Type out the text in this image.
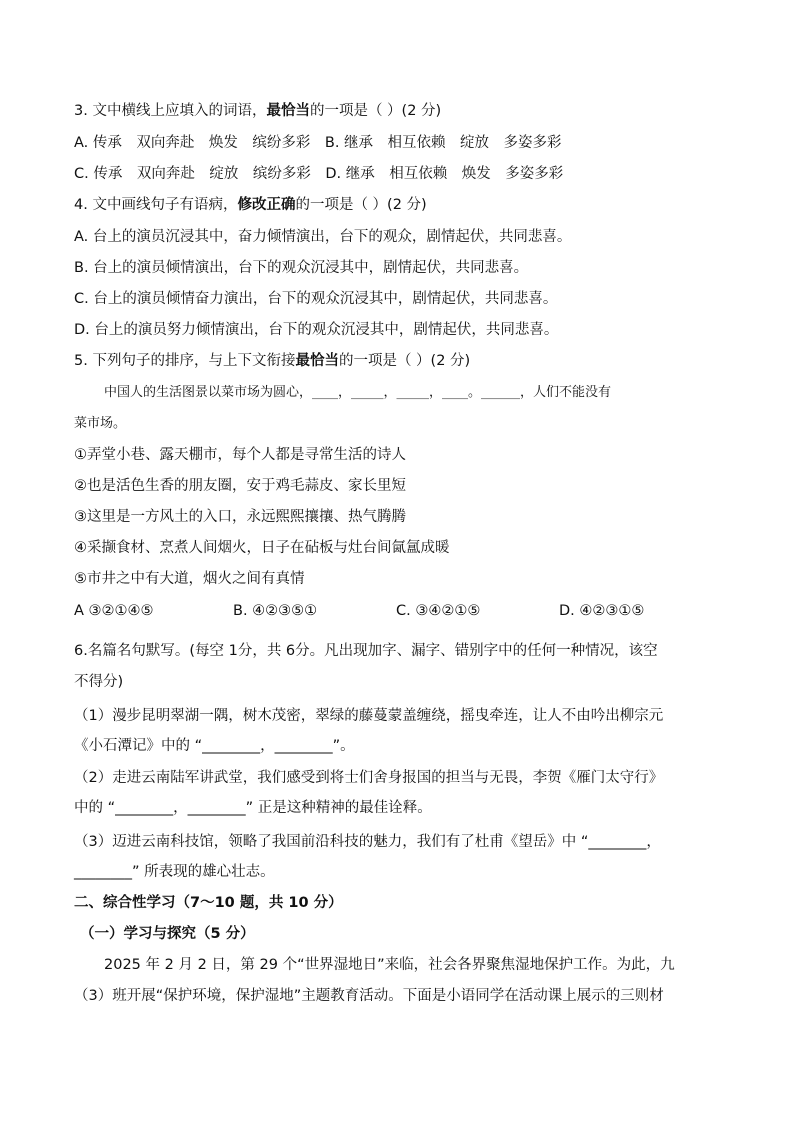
3. 文中横线上应填入的词语，最恰当的一项是（ ）(2 分)
A. 传承　双向奔赴　焕发　缤纷多彩　B. 继承　相互依赖　绽放　多姿多彩
C. 传承　双向奔赴　绽放　缤纷多彩　D. 继承　相互依赖　焕发　多姿多彩
4. 文中画线句子有语病，修改正确的一项是（ ）(2 分)
A. 台上的演员沉浸其中，奋力倾情演出，台下的观众，剧情起伏，共同悲喜。
B. 台上的演员倾情演出，台下的观众沉浸其中，剧情起伏，共同悲喜。
C. 台上的演员倾情奋力演出，台下的观众沉浸其中，剧情起伏，共同悲喜。
D. 台上的演员努力倾情演出，台下的观众沉浸其中，剧情起伏，共同悲喜。
5. 下列句子的排序，与上下文衔接最恰当的一项是（ ）(2 分)
中国人的生活图景以菜市场为圆心，____，_____，_____，____。______，人们不能没有
菜市场。
①弄堂小巷、露天棚市，每个人都是寻常生活的诗人
②也是活色生香的朋友圈，安于鸡毛蒜皮、家长里短
③这里是一方风土的入口，永远熙熙攘攘、热气腾腾
④采撷食材、烹煮人间烟火，日子在砧板与灶台间氤氲成暖
⑤市井之中有大道，烟火之间有真情
A ③②①④⑤	B. ④②③⑤①	C. ③④②①⑤	D. ④②③①⑤
6.名篇名句默写。(每空 1分，共 6分。凡出现加字、漏字、错别字中的任何一种情况，该空
不得分)
（1）漫步昆明翠湖一隅，树木茂密，翠绿的藤蔓蒙盖缠绕，摇曳牵连，让人不由吟出柳宗元
《小石潭记》中的 “________，________”。
（2）走进云南陆军讲武堂，我们感受到将士们舍身报国的担当与无畏，李贺《雁门太守行》
中的 “________，________” 正是这种精神的最佳诠释。
（3）迈进云南科技馆，领略了我国前沿科技的魅力，我们有了杜甫《望岳》中 “________，
________” 所表现的雄心壮志。
二、综合性学习（7～10 题，共 10 分）
（一）学习与探究（5 分）
2025 年 2 月 2 日，第 29 个“世界湿地日”来临，社会各界聚焦湿地保护工作。为此，九
（3）班开展“保护环境，保护湿地”主题教育活动。下面是小语同学在活动课上展示的三则材
